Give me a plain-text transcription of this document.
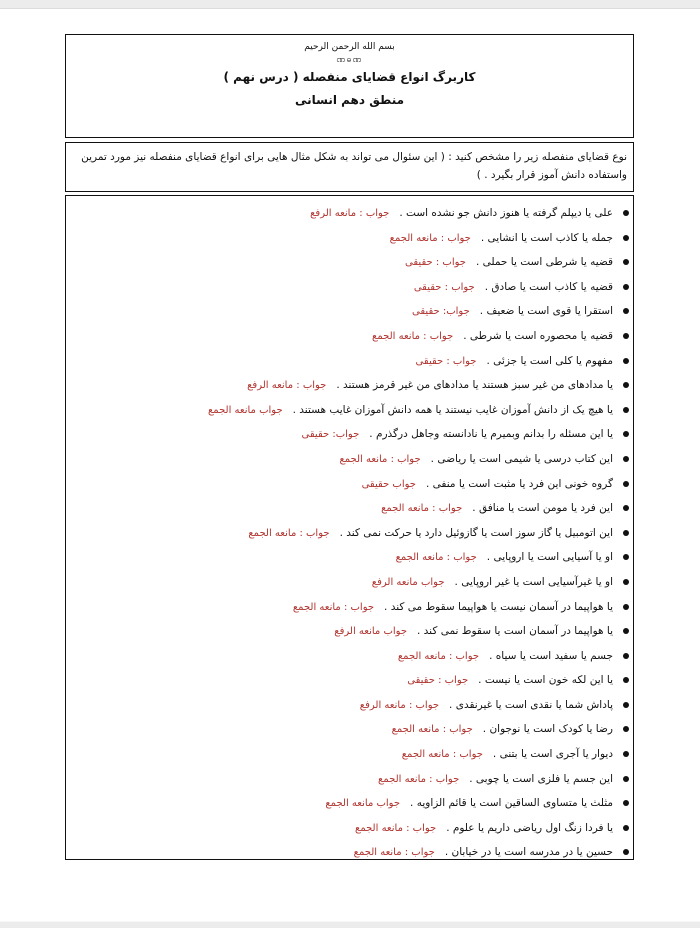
بسم الله الرحمن الرحیم
ဏဓဏ
کاربرگ انواع قضایای منفصله ( درس نهم )
منطق دهم انسانی
نوع قضایای منفصله زیر را مشخص کنید : ( این سئوال می تواند به شکل مثال هایی برای انواع قضایای منفصله نیز مورد تمرین واستفاده دانش آموز قرار بگیرد . )
علی یا دیپلم گرفته یا هنوز دانش جو نشده است .جواب : مانعه الرفع
جمله یا کاذب است یا انشایی .جواب : مانعه الجمع
قضیه یا شرطی است یا حملی .جواب : حقیقی
قضیه یا کاذب است یا صادق .جواب : حقیقی
استقرا یا قوی است یا ضعیف .جواب: حقیقی
قضیه یا محصوره است یا شرطی .جواب : مانعه الجمع
مفهوم یا کلی است یا جزئی .جواب : حقیقی
یا مدادهای من غیر سبز هستند یا مدادهای من غیر قرمز هستند .جواب : مانعه الرفع
یا هیچ یک از دانش آموزان غایب نیستند یا همه دانش آموزان غایب هستند .جواب مانعه الجمع
یا این مسئله را بدانم وبمیرم یا نادانسته وجاهل درگذرم .جواب: حقیقی
این کتاب درسی یا شیمی است یا ریاضی .جواب : مانعه الجمع
گروه خونی این فرد یا مثبت است یا منفی .جواب حقیقی
این فرد یا مومن است یا منافق .جواب : مانعه الجمع
این اتومبیل یا گاز سوز است یا گازوئیل دارد یا حرکت نمی کند .جواب : مانعه الجمع
او یا آسیایی است یا اروپایی .جواب : مانعه الجمع
او یا غیرآسیایی است یا غیر اروپایی .جواب مانعه الرفع
یا هواپیما در آسمان نیست یا هواپیما سقوط می کند .جواب : مانعه الجمع
یا هواپیما در آسمان است یا سقوط نمی کند .جواب مانعه الرفع
جسم یا سفید است یا سیاه .جواب : مانعه الجمع
یا این لکه خون است یا نیست .جواب : حقیقی
پاداش شما یا نقدی است یا غیرنقدی .جواب : مانعه الرفع
رضا یا کودک است یا نوجوان .جواب : مانعه الجمع
دیوار یا آجری است یا بتنی .جواب : مانعه الجمع
این جسم یا فلزی است یا چوبی .جواب : مانعه الجمع
مثلث یا متساوی الساقین است یا قائم الزاویه .جواب مانعه الجمع
یا فردا زنگ اول ریاضی داریم یا علوم .جواب : مانعه الجمع
حسین یا در مدرسه است یا در خیابان .جواب : مانعه الجمع
